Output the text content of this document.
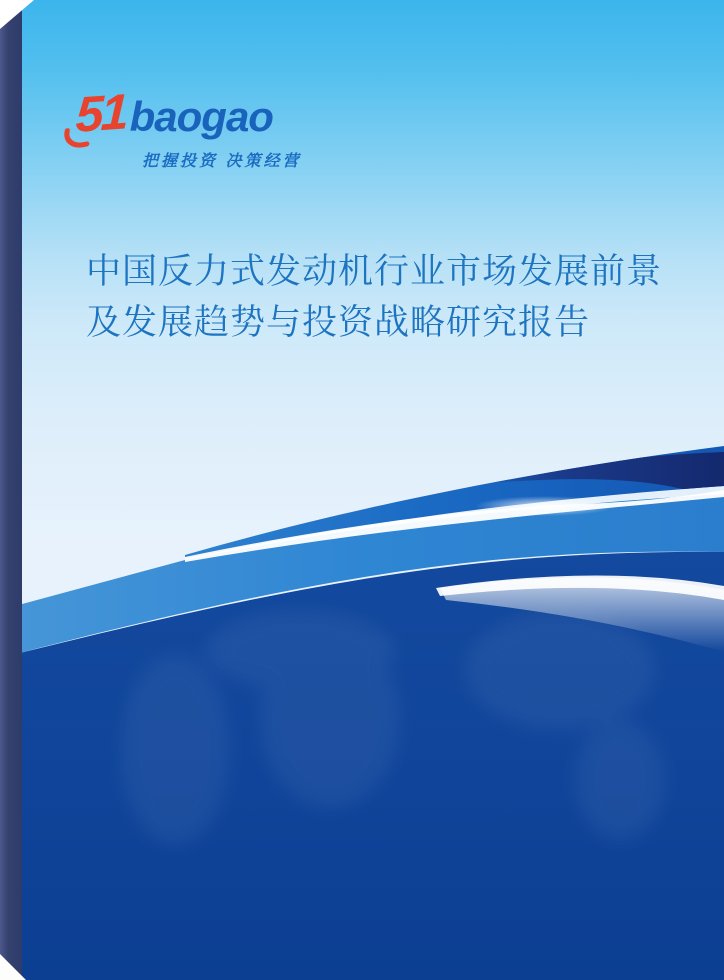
51 baogao
把握投资 决策经营
中国反力式发动机行业市场发展前景
及发展趋势与投资战略研究报告
